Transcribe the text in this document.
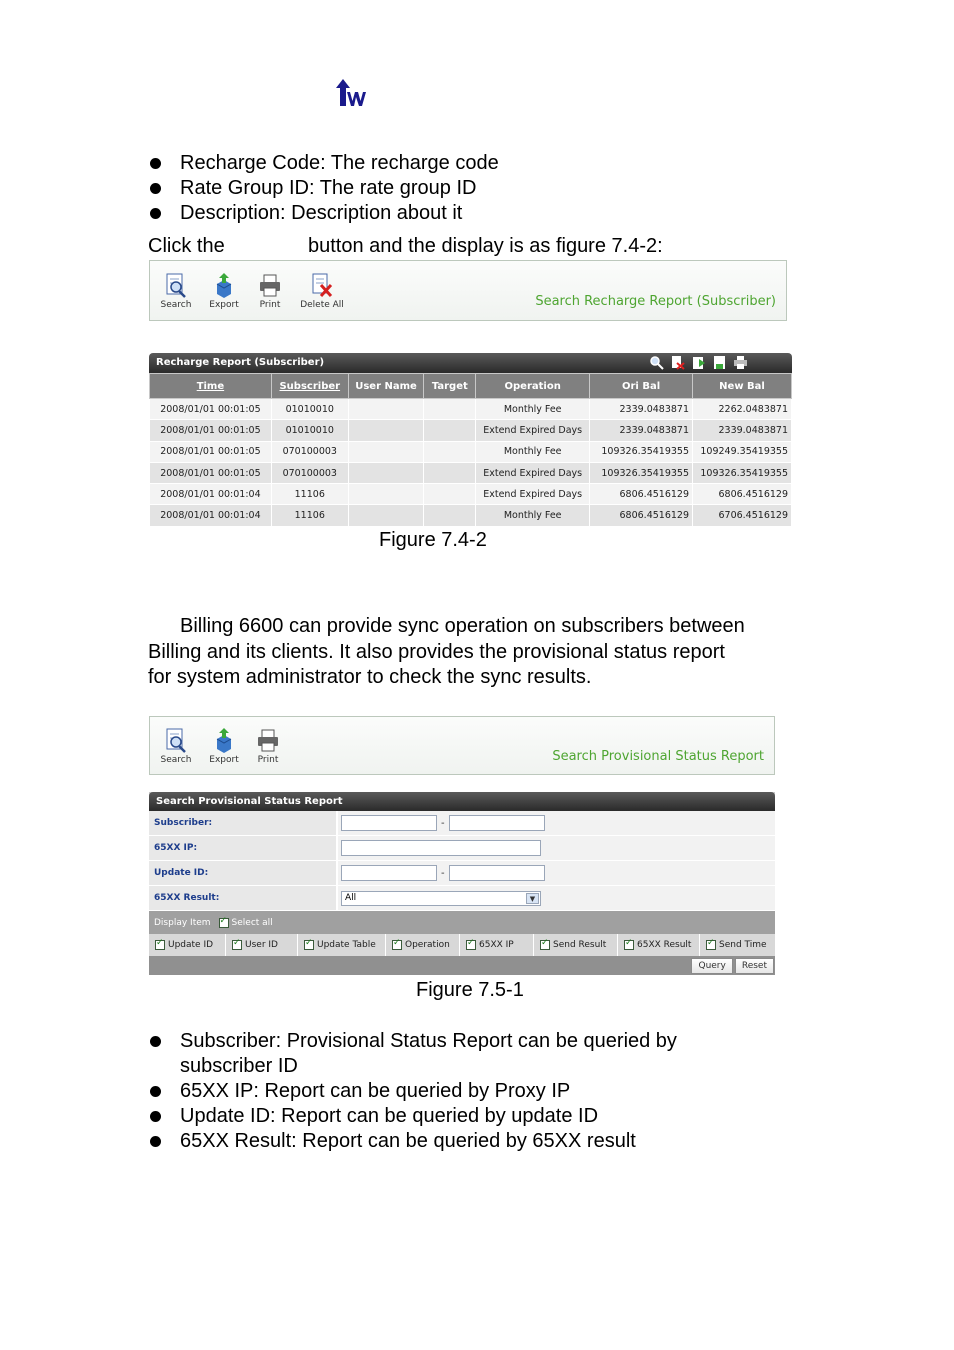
Recharge Code: The recharge code
Rate Group ID: The rate group ID
Description: Description about it
Click the	button and the display is as figure 7.4-2:
Search	Export	Print	Delete All	Search Recharge Report (Subscriber)
Recharge Report (Subscriber)
Time	Subscriber	User Name	Target	Operation	Ori Bal	New Bal
2008/01/01 00:01:05	01010010			Monthly Fee	2339.0483871	2262.0483871
2008/01/01 00:01:05	01010010			Extend Expired Days	2339.0483871	2339.0483871
2008/01/01 00:01:05	070100003			Monthly Fee	109326.35419355	109249.35419355
2008/01/01 00:01:05	070100003			Extend Expired Days	109326.35419355	109326.35419355
2008/01/01 00:01:04	11106			Extend Expired Days	6806.4516129	6806.4516129
2008/01/01 00:01:04	11106			Monthly Fee	6806.4516129	6706.4516129
Figure 7.4-2
Billing 6600 can provide sync operation on subscribers between
Billing and its clients. It also provides the provisional status report
for system administrator to check the sync results.
Search	Export	Print	Search Provisional Status Report
Search Provisional Status Report
Subscriber:	-
65XX IP:
Update ID:	-
65XX Result:	All	▼
Display Item ✓ Select all
✓
Update ID ✓	User ID ✓	Update Table ✓	Operation ✓	65XX IP ✓	Send Result ✓	65XX Result ✓	Send Time
Query	Reset
Figure 7.5-1
Subscriber: Provisional Status Report can be queried by
subscriber ID
65XX IP: Report can be queried by Proxy IP
Update ID: Report can be queried by update ID
65XX Result: Report can be queried by 65XX result
